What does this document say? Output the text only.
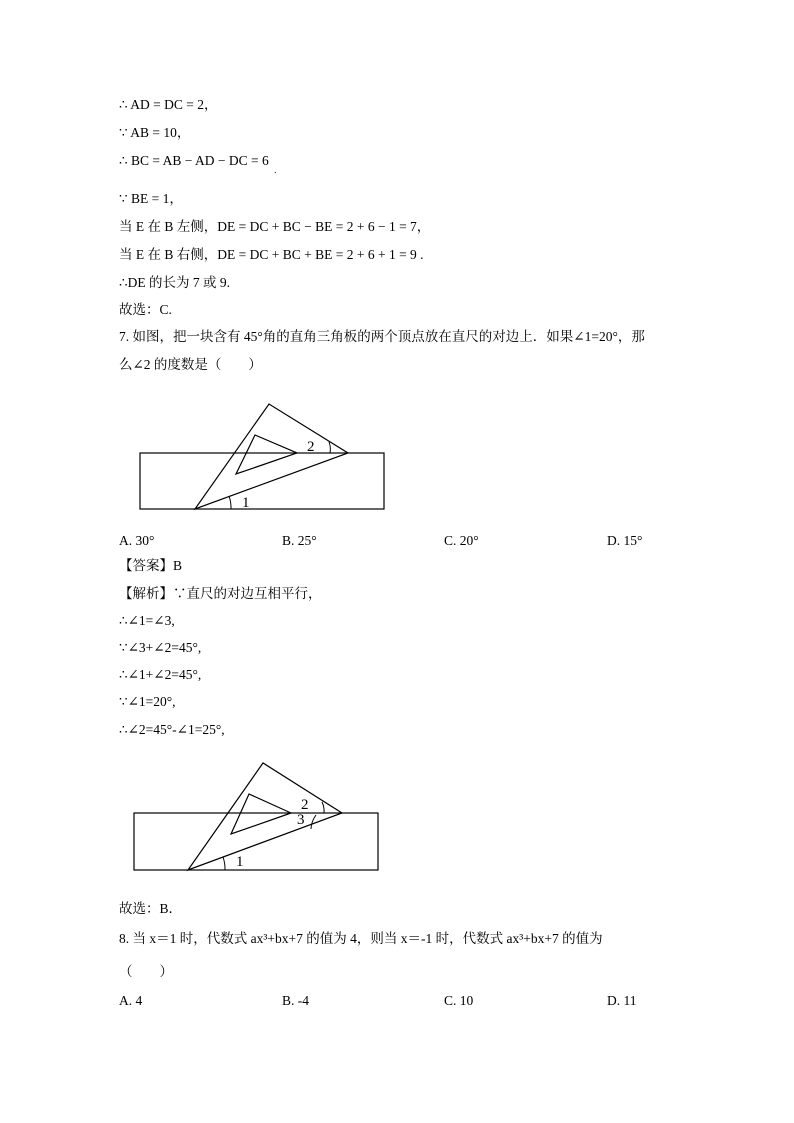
∴ AD = DC = 2，
∵ AB = 10，
∴ BC = AB − AD − DC = 6 $_.$
∵ BE = 1，
当 E 在 B 左侧，DE = DC + BC − BE = 2 + 6 − 1 = 7，
当 E 在 B 右侧，DE = DC + BC + BE = 2 + 6 + 1 = 9 .
∴DE 的长为 7 或 9.
故选：C.
7. 如图，把一块含有 45°角的直角三角板的两个顶点放在直尺的对边上．如果∠1=20°，那
么∠2 的度数是（　　）
1
2
A. 30°	B. 25°	C. 20°	D. 15°
【答案】B
【解析】∵直尺的对边互相平行，
∴∠1=∠3,
∵∠3+∠2=45°,
∴∠1+∠2=45°,
∵∠1=20°,
∴∠2=45°-∠1=25°,
1
2
3
故选：B．
8. 当 x＝1 时，代数式 ax³+bx+7 的值为 4，则当 x＝-1 时，代数式 ax³+bx+7 的值为
（　　）
A. 4	B. -4	C. 10	D. 11
